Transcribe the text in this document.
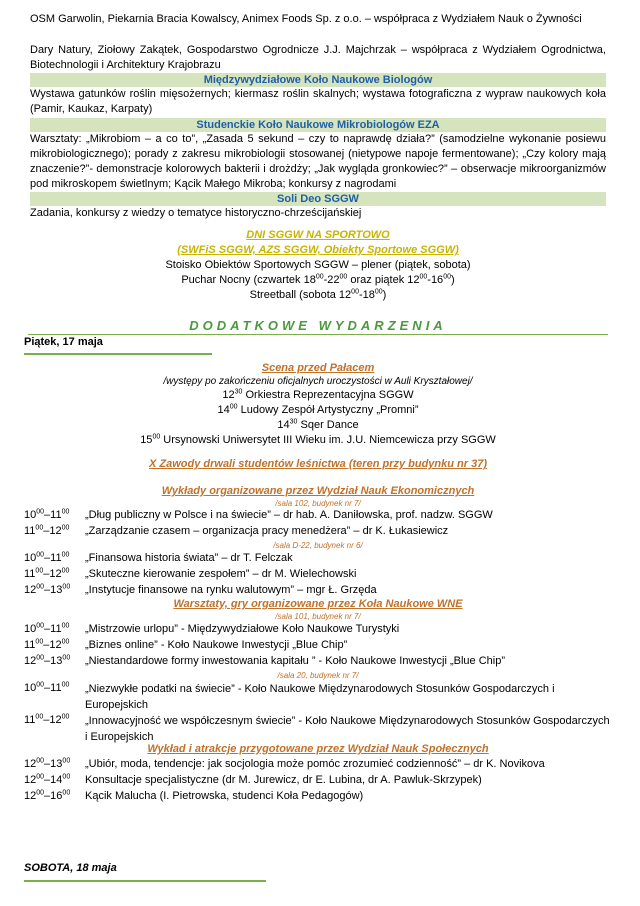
OSM Garwolin, Piekarnia Bracia Kowalscy, Animex Foods Sp. z o.o. – współpraca z Wydziałem Nauk o Żywności
Dary Natury, Ziołowy Zakątek, Gospodarstwo Ogrodnicze J.J. Majchrzak – współpraca z Wydziałem Ogrodnictwa, Biotechnologii i Architektury Krajobrazu
Międzywydziałowe Koło Naukowe Biologów
Wystawa gatunków roślin mięsożernych; kiermasz roślin skalnych; wystawa fotograficzna z wypraw naukowych koła (Pamir, Kaukaz, Karpaty)
Studenckie Koło Naukowe Mikrobiologów EZA
Warsztaty: „Mikrobiom – a co to”, „Zasada 5 sekund – czy to naprawdę działa?” (samodzielne wykonanie posiewu mikrobiologicznego); porady z zakresu mikrobiologii stosowanej (nietypowe napoje fermentowane); „Czy kolory mają znaczenie?”- demonstracje kolorowych bakterii i drożdży; „Jak wygląda gronkowiec?” – obserwacje mikroorganizmów pod mikroskopem świetlnym; Kącik Małego Mikroba; konkursy z nagrodami
Soli Deo SGGW
Zadania, konkursy z wiedzy o tematyce historyczno-chrześcijańskiej
DNI SGGW NA SPORTOWO
(SWFiS SGGW, AZS SGGW, Obiekty Sportowe SGGW)
Stoisko Obiektów Sportowych SGGW – plener (piątek, sobota)
Puchar Nocny (czwartek $18^{00}-22^{00}$ oraz piątek $12^{00}-16^{00}$)
Streetball (sobota $12^{00}-18^{00}$)
DODATKOWE WYDARZENIA
Piątek, 17 maja
Scena przed Pałacem
/występy po zakończeniu oficjalnych uroczystości w Auli Kryształowej/
$12^{30}$ Orkiestra Reprezentacyjna SGGW
$14^{00}$ Ludowy Zespół Artystyczny „Promni”
$14^{30}$ Sqer Dance
$15^{00}$ Ursynowski Uniwersytet III Wieku im. J.U. Niemcewicza przy SGGW
X Zawody drwali studentów leśnictwa (teren przy budynku nr 37)
Wykłady organizowane przez Wydział Nauk Ekonomicznych
/sala 102, budynek nr 7/
$10^{00}-11^{00}$	„Dług publiczny w Polsce i na świecie” – dr hab. A. Daniłowska, prof. nadzw. SGGW
$11^{00}-12^{00}$	„Zarządzanie czasem – organizacja pracy menedżera” – dr K. Łukasiewicz
/sala D-22, budynek nr 6/
$10^{00}-11^{00}$	„Finansowa historia świata” – dr T. Felczak
$11^{00}-12^{00}$	„Skuteczne kierowanie zespołem” – dr M. Wielechowski
$12^{00}-13^{00}$	„Instytucje finansowe na rynku walutowym” – mgr Ł. Grzęda
Warsztaty, gry organizowane przez Koła Naukowe WNE
/sala 101, budynek nr 7/
$10^{00}-11^{00}$	„Mistrzowie urlopu” - Międzywydziałowe Koło Naukowe Turystyki
$11^{00}-12^{00}$	„Biznes online” - Koło Naukowe Inwestycji „Blue Chip”
$12^{00}-13^{00}$	„Niestandardowe formy inwestowania kapitału ” - Koło Naukowe Inwestycji „Blue Chip”
/sala 20, budynek nr 7/
$10^{00}-11^{00}$	„Niezwykłe podatki na świecie” - Koło Naukowe Międzynarodowych Stosunków Gospodarczych i Europejskich
$11^{00}-12^{00}$	„Innowacyjność we współczesnym świecie” - Koło Naukowe Międzynarodowych Stosunków Gospodarczych i Europejskich
Wykład i atrakcje przygotowane przez Wydział Nauk Społecznych
$12^{00}-13^{00}$	„Ubiór, moda, tendencje: jak socjologia może pomóc zrozumieć codzienność” – dr K. Novikova
$12^{00}-14^{00}$	Konsultacje specjalistyczne (dr M. Jurewicz, dr E. Lubina, dr A. Pawluk-Skrzypek)
$12^{00}-16^{00}$	Kącik Malucha (I. Pietrowska, studenci Koła Pedagogów)
SOBOTA, 18 maja
